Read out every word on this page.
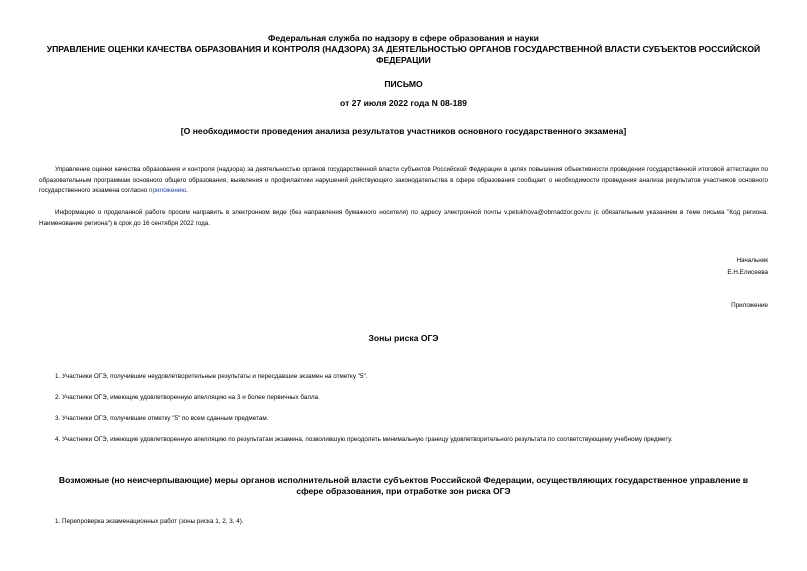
Федеральная служба по надзору в сфере образования и науки
УПРАВЛЕНИЕ ОЦЕНКИ КАЧЕСТВА ОБРАЗОВАНИЯ И КОНТРОЛЯ (НАДЗОРА) ЗА ДЕЯТЕЛЬНОСТЬЮ ОРГАНОВ ГОСУДАРСТВЕННОЙ ВЛАСТИ СУБЪЕКТОВ РОССИЙСКОЙ ФЕДЕРАЦИИ
ПИСЬМО
от 27 июля 2022 года N 08-189
[О необходимости проведения анализа результатов участников основного государственного экзамена]
Управление оценки качества образования и контроля (надзора) за деятельностью органов государственной власти субъектов Российской Федерации в целях повышения объективности проведения государственной итоговой аттестации по образовательным программам основного общего образования, выявления и профилактики нарушений действующего законодательства в сфере образования сообщает о необходимости проведения анализа результатов участников основного государственного экзамена согласно приложению.
Информацию о проделанной работе просим направить в электронном виде (без направления бумажного носителя) по адресу электронной почты v.petukhova@obrnadzor.gov.ru (с обязательным указанием в теме письма "Код региона. Наименование региона") в срок до 16 сентября 2022 года.
Начальник
Е.Н.Елисеева
Приложение
Зоны риска ОГЭ
1. Участники ОГЭ, получившие неудовлетворительные результаты и пересдавшие экзамен на отметку "5".
2. Участники ОГЭ, имеющие удовлетворенную апелляцию на 3 и более первичных балла.
3. Участники ОГЭ, получившие отметку "5" по всем сданным предметам.
4. Участники ОГЭ, имеющие удовлетворенную апелляцию по результатам экзамена, позволившую преодолеть минимальную границу удовлетворительного результата по соответствующему учебному предмету.
Возможные (но неисчерпывающие) меры органов исполнительной власти субъектов Российской Федерации, осуществляющих государственное управление в сфере образования, при отработке зон риска ОГЭ
1. Перепроверка экзаменационных работ (зоны риска 1, 2, 3, 4).
